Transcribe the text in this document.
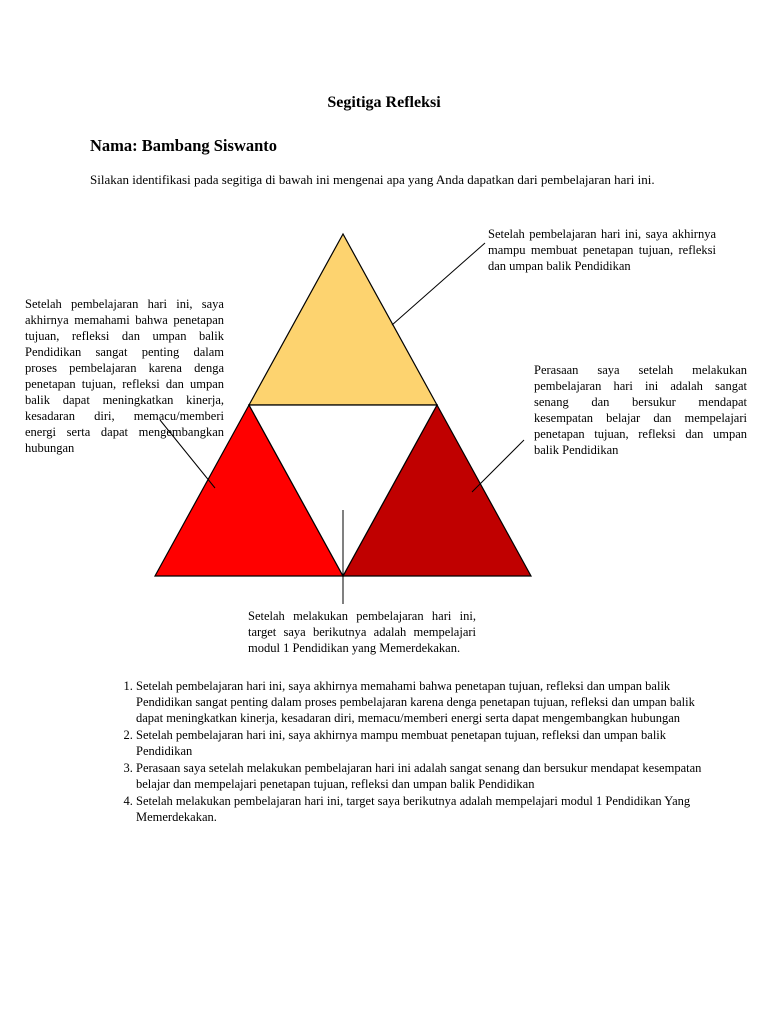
Segitiga Refleksi
Nama: Bambang Siswanto
Silakan identifikasi pada segitiga di bawah ini mengenai apa yang Anda dapatkan dari pembelajaran hari ini.
Setelah pembelajaran hari ini, saya akhirnya mampu membuat penetapan tujuan, refleksi dan umpan balik Pendidikan
Setelah pembelajaran hari ini, saya akhirnya memahami bahwa penetapan tujuan, refleksi dan umpan balik Pendidikan sangat penting dalam proses pembelajaran karena denga penetapan tujuan, refleksi dan umpan balik dapat meningkatkan kinerja, kesadaran diri, memacu/memberi energi serta dapat mengembangkan hubungan
Perasaan saya setelah melakukan pembelajaran hari ini adalah sangat senang dan bersukur mendapat kesempatan belajar dan mempelajari penetapan tujuan, refleksi dan umpan balik Pendidikan
Setelah melakukan pembelajaran hari ini, target saya berikutnya adalah mempelajari modul 1 Pendidikan yang Memerdekakan.
1. Setelah pembelajaran hari ini, saya akhirnya memahami bahwa penetapan tujuan, refleksi dan umpan balik Pendidikan sangat penting dalam proses pembelajaran karena denga penetapan tujuan, refleksi dan umpan balik dapat meningkatkan kinerja, kesadaran diri, memacu/memberi energi serta dapat mengembangkan hubungan
2. Setelah pembelajaran hari ini, saya akhirnya mampu membuat penetapan tujuan, refleksi dan umpan balik Pendidikan
3. Perasaan saya setelah melakukan pembelajaran hari ini adalah sangat senang dan bersukur mendapat kesempatan belajar dan mempelajari penetapan tujuan, refleksi dan umpan balik Pendidikan
4. Setelah melakukan pembelajaran hari ini, target saya berikutnya adalah mempelajari modul 1 Pendidikan Yang Memerdekakan.
